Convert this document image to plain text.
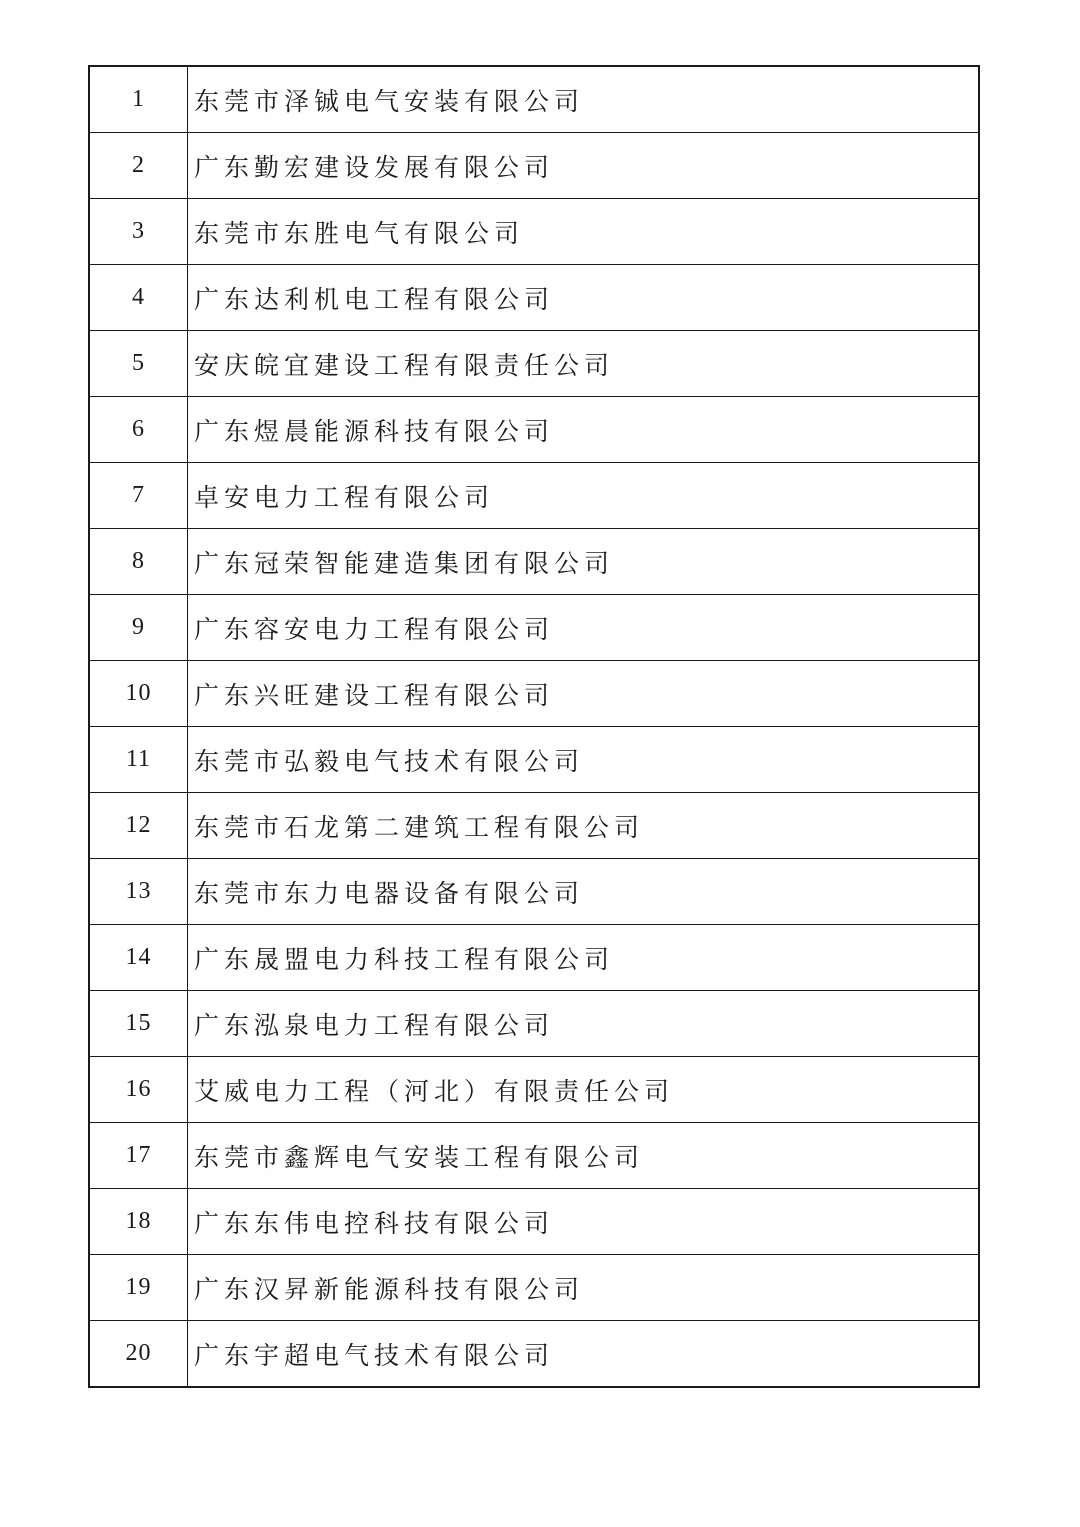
1	东莞市泽铖电气安装有限公司
2	广东勤宏建设发展有限公司
3	东莞市东胜电气有限公司
4	广东达利机电工程有限公司
5	安庆皖宜建设工程有限责任公司
6	广东煜晨能源科技有限公司
7	卓安电力工程有限公司
8	广东冠荣智能建造集团有限公司
9	广东容安电力工程有限公司
10	广东兴旺建设工程有限公司
11	东莞市弘毅电气技术有限公司
12	东莞市石龙第二建筑工程有限公司
13	东莞市东力电器设备有限公司
14	广东晟盟电力科技工程有限公司
15	广东泓泉电力工程有限公司
16	艾威电力工程（河北）有限责任公司
17	东莞市鑫辉电气安装工程有限公司
18	广东东伟电控科技有限公司
19	广东汉昇新能源科技有限公司
20	广东宇超电气技术有限公司
